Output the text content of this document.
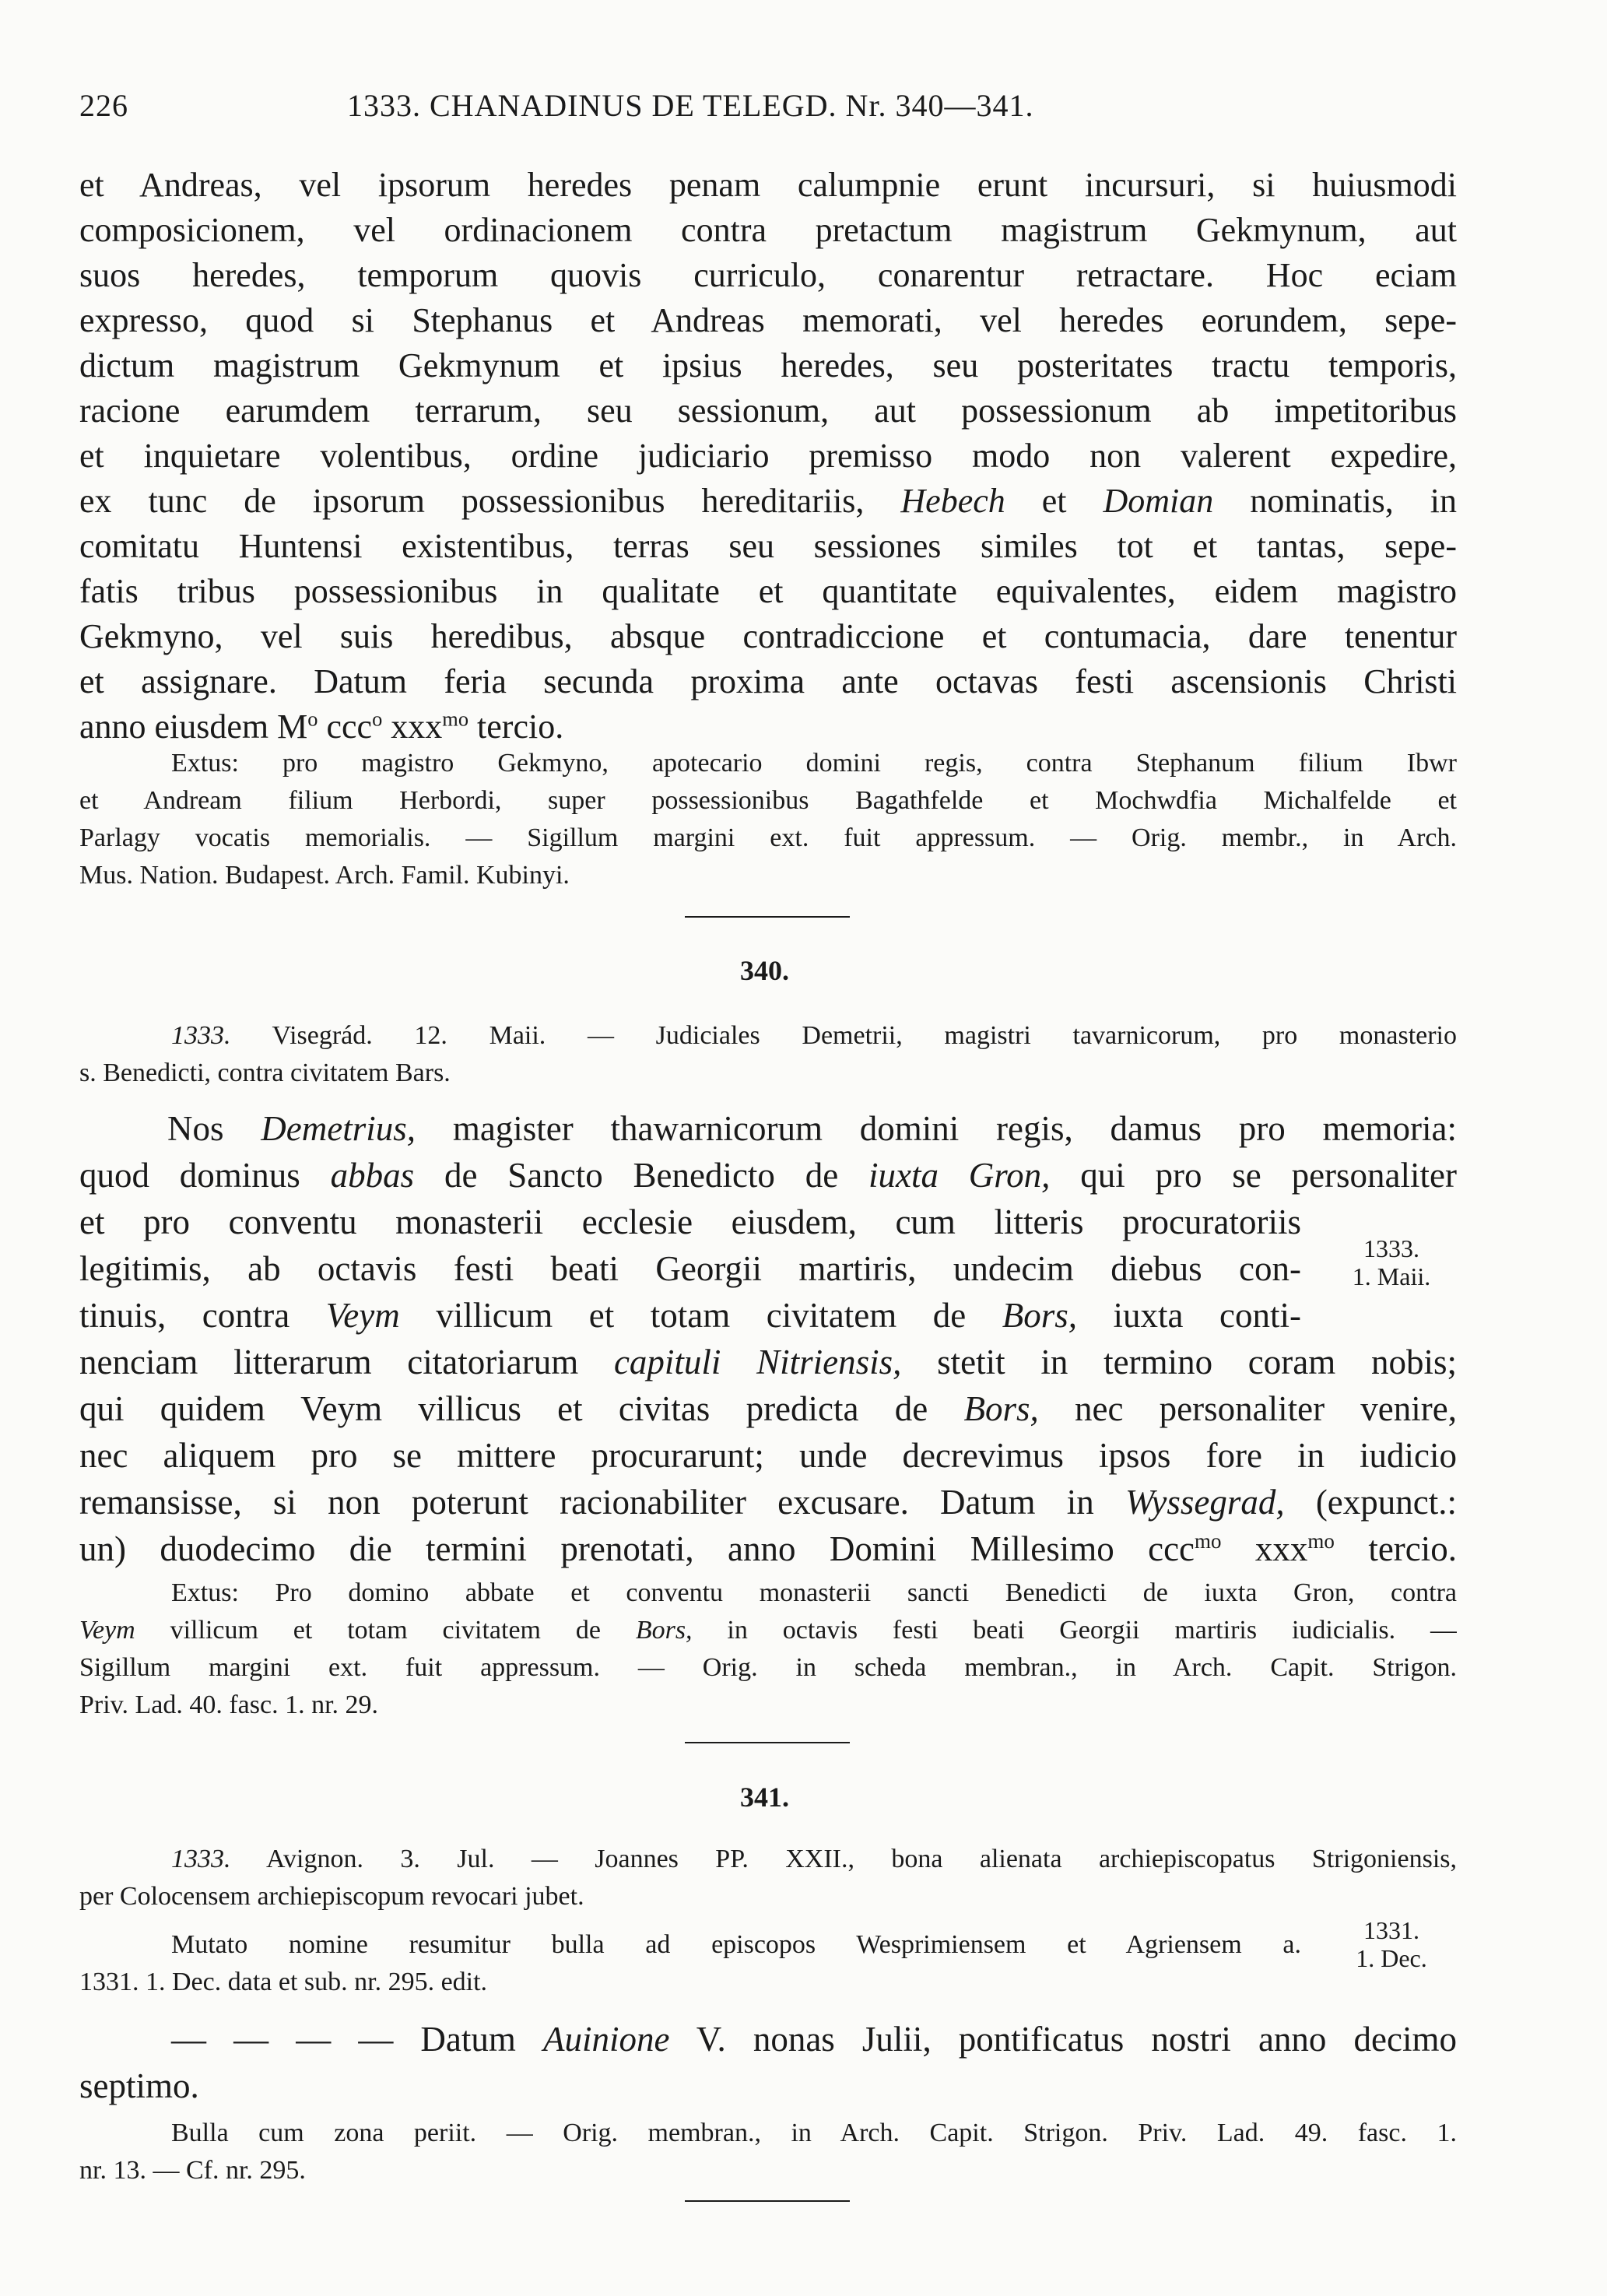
226	1333. CHANADINUS DE TELEGD. Nr. 340—341.
et Andreas, vel ipsorum heredes penam calumpnie erunt incursuri, si huiusmodi
composicionem, vel ordinacionem contra pretactum magistrum Gekmynum, aut
suos heredes, temporum quovis curriculo, conarentur retractare. Hoc eciam
expresso, quod si Stephanus et Andreas memorati, vel heredes eorundem, sepe-
dictum magistrum Gekmynum et ipsius heredes, seu posteritates tractu temporis,
racione earumdem terrarum, seu sessionum, aut possessionum ab impetitoribus
et inquietare volentibus, ordine judiciario premisso modo non valerent expedire,
ex tunc de ipsorum possessionibus hereditariis, Hebech et Domian nominatis, in
comitatu Huntensi existentibus, terras seu sessiones similes tot et tantas, sepe-
fatis tribus possessionibus in qualitate et quantitate equivalentes, eidem magistro
Gekmyno, vel suis heredibus, absque contradiccione et contumacia, dare tenentur
et assignare. Datum feria secunda proxima ante octavas festi ascensionis Christi
anno eiusdem $M^o$ ccc$^o$ xxx$^{mo}$ tercio.
Extus: pro magistro Gekmyno, apotecario domini regis, contra Stephanum filium Ibwr
et Andream filium Herbordi, super possessionibus Bagathfelde et Mochwdfia Michalfelde et
Parlagy vocatis memorialis. — Sigillum margini ext. fuit appressum. — Orig. membr., in Arch.
Mus. Nation. Budapest. Arch. Famil. Kubinyi.
340.
1333. Visegrád. 12. Maii. — Judiciales Demetrii, magistri tavarnicorum, pro monasterio
s. Benedicti, contra civitatem Bars.
Nos Demetrius, magister thawarnicorum domini regis, damus pro memoria:
quod dominus abbas de Sancto Benedicto de iuxta Gron, qui pro se personaliter
et pro conventu monasterii ecclesie eiusdem, cum litteris procuratoriis
legitimis, ab octavis festi beati Georgii martiris, undecim diebus con-
tinuis, contra Veym villicum et totam civitatem de Bors, iuxta conti-
1333.
1. Maii.
nenciam litterarum citatoriarum capituli Nitriensis, stetit in termino coram nobis;
qui quidem Veym villicus et civitas predicta de Bors, nec personaliter venire,
nec aliquem pro se mittere procurarunt; unde decrevimus ipsos fore in iudicio
remansisse, si non poterunt racionabiliter excusare. Datum in Wyssegrad, (expunct.:
un) duodecimo die termini prenotati, anno Domini Millesimo ccc$^{mo}$ xxx$^{mo}$ tercio.
Extus: Pro domino abbate et conventu monasterii sancti Benedicti de iuxta Gron, contra
Veym villicum et totam civitatem de Bors, in octavis festi beati Georgii martiris iudicialis. —
Sigillum margini ext. fuit appressum. — Orig. in scheda membran., in Arch. Capit. Strigon.
Priv. Lad. 40. fasc. 1. nr. 29.
341.
1333. Avignon. 3. Jul. — Joannes PP. XXII., bona alienata archiepiscopatus Strigoniensis,
per Colocensem archiepiscopum revocari jubet.
Mutato nomine resumitur bulla ad episcopos Wesprimiensem et Agriensem a.
1331. 1. Dec. data et sub. nr. 295. edit.
1331.
1. Dec.
— — — — Datum Auinione V. nonas Julii, pontificatus nostri anno decimo
septimo.
Bulla cum zona periit. — Orig. membran., in Arch. Capit. Strigon. Priv. Lad. 49. fasc. 1.
nr. 13. — Cf. nr. 295.
